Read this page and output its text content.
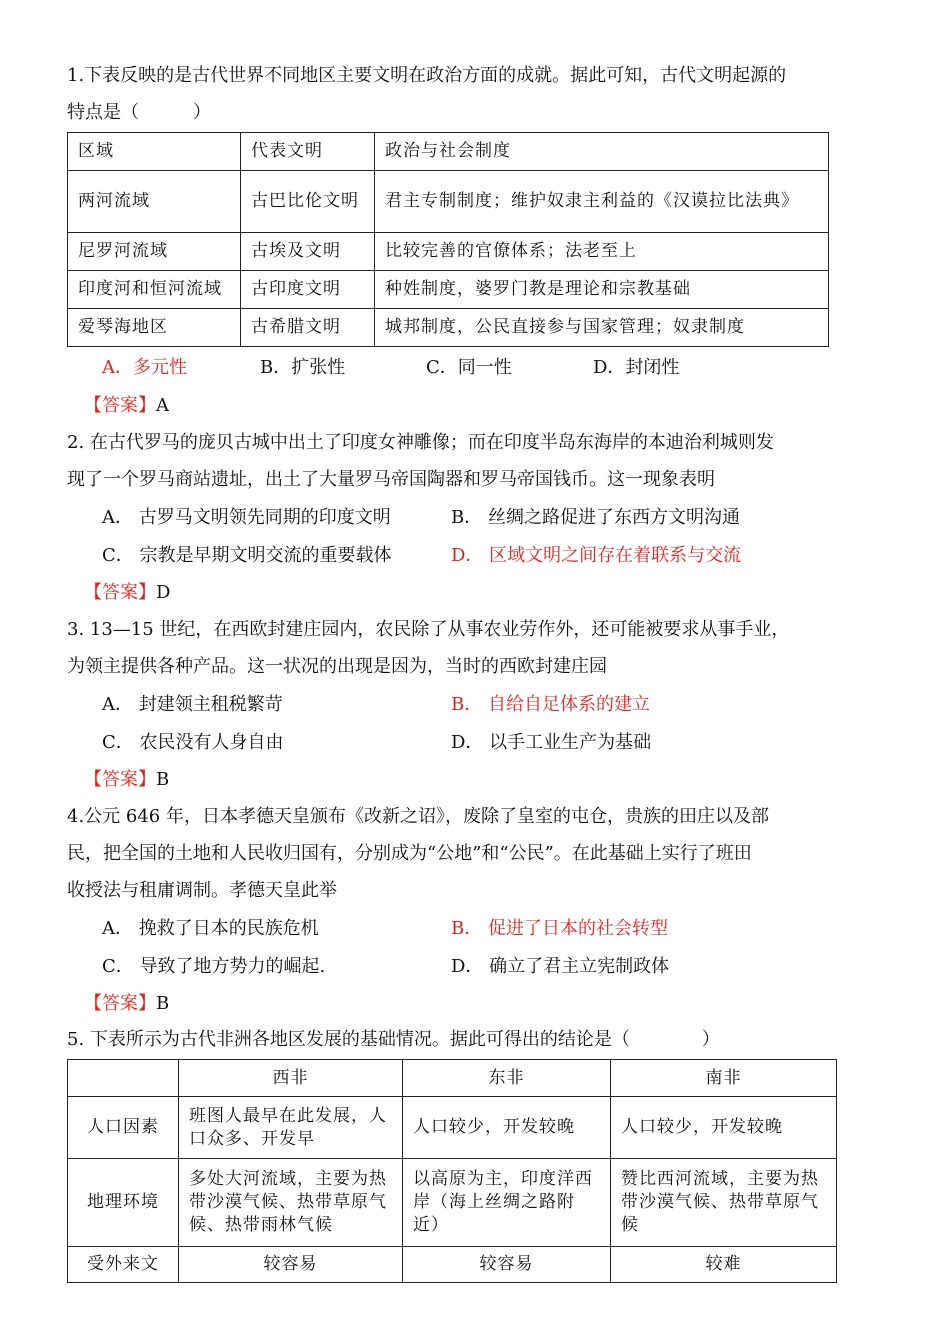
1.下表反映的是古代世界不同地区主要文明在政治方面的成就。据此可知，古代文明起源的
特点是（　　　）
区域	代表文明	政治与社会制度
两河流域	古巴比伦文明	君主专制制度；维护奴隶主利益的《汉谟拉比法典》
尼罗河流域	古埃及文明	比较完善的官僚体系；法老至上
印度河和恒河流域	古印度文明	种姓制度，婆罗门教是理论和宗教基础
爱琴海地区	古希腊文明	城邦制度，公民直接参与国家管理；奴隶制度
A．多元性	B．扩张性	C．同一性	D．封闭性
【答案】A
2. 在古代罗马的庞贝古城中出土了印度女神雕像；而在印度半岛东海岸的本迪治利城则发
现了一个罗马商站遗址，出土了大量罗马帝国陶器和罗马帝国钱币。这一现象表明
A． 古罗马文明领先同期的印度文明	B． 丝绸之路促进了东西方文明沟通
C． 宗教是早期文明交流的重要载体	D． 区域文明之间存在着联系与交流
【答案】D
3. 13—15 世纪，在西欧封建庄园内，农民除了从事农业劳作外，还可能被要求从事手业，
为领主提供各种产品。这一状况的出现是因为，当时的西欧封建庄园
A． 封建领主租税繁苛	B． 自给自足体系的建立
C． 农民没有人身自由	D． 以手工业生产为基础
【答案】B
4.公元 646 年，日本孝德天皇颁布《改新之诏》，废除了皇室的屯仓，贵族的田庄以及部
民，把全国的土地和人民收归国有，分别成为“公地”和“公民”。在此基础上实行了班田
收授法与租庸调制。孝德天皇此举
A． 挽救了日本的民族危机	B． 促进了日本的社会转型
C． 导致了地方势力的崛起.	D． 确立了君主立宪制政体
【答案】B
5. 下表所示为古代非洲各地区发展的基础情况。据此可得出的结论是（　　　　）
	西非	东非	南非
人口因素	班图人最早在此发展，人口众多、开发早	人口较少，开发较晚	人口较少，开发较晚
地理环境	多处大河流域，主要为热带沙漠气候、热带草原气候、热带雨林气候	以高原为主，印度洋西岸（海上丝绸之路附近）	赞比西河流域，主要为热带沙漠气候、热带草原气候
受外来文	较容易	较容易	较难
